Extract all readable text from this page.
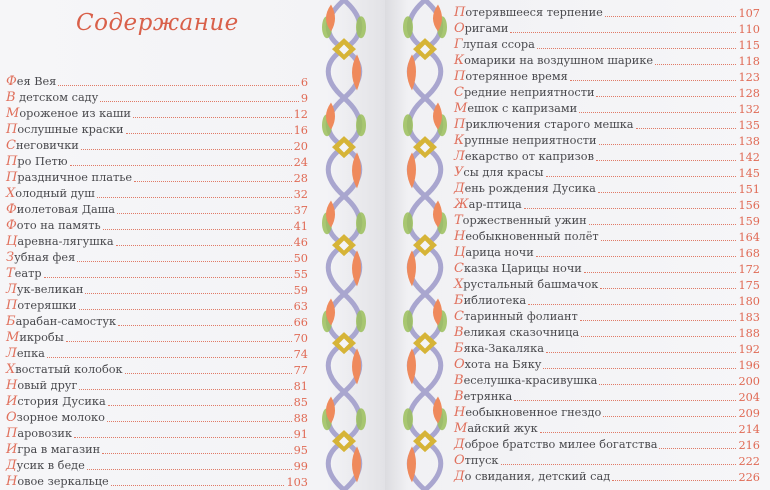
Содержание
Фея Вея	6
В детском саду	9
Мороженое из каши	12
Послушные краски	16
Снеговички	20
Про Петю	24
Праздничное платье	28
Холодный душ	32
Фиолетовая Даша	37
Фото на память	41
Царевна-лягушка	46
Зубная фея	50
Театр	55
Лук-великан	59
Потеряшки	63
Барабан-самостук	66
Микробы	70
Лепка	74
Хвостатый колобок	77
Новый друг	81
История Дусика	85
Озорное молоко	88
Паровозик	91
Игра в магазин	95
Дусик в беде	99
Новое зеркальце	103
Потерявшееся терпение	107
Оригами	110
Глупая ссора	115
Комарики на воздушном шарике	118
Потерянное время	123
Средние неприятности	128
Мешок с капризами	132
Приключения старого мешка	135
Крупные неприятности	138
Лекарство от капризов	142
Усы для красы	145
День рождения Дусика	151
Жар-птица	156
Торжественный ужин	159
Необыкновенный полёт	164
Царица ночи	168
Сказка Царицы ночи	172
Хрустальный башмачок	175
Библиотека	180
Старинный фолиант	183
Великая сказочница	188
Бяка-Закаляка	192
Охота на Бяку	196
Веселушка-красивушка	200
Ветрянка	204
Необыкновенное гнездо	209
Майский жук	214
Доброе братство милее богатства	216
Отпуск	222
До свидания, детский сад	226
